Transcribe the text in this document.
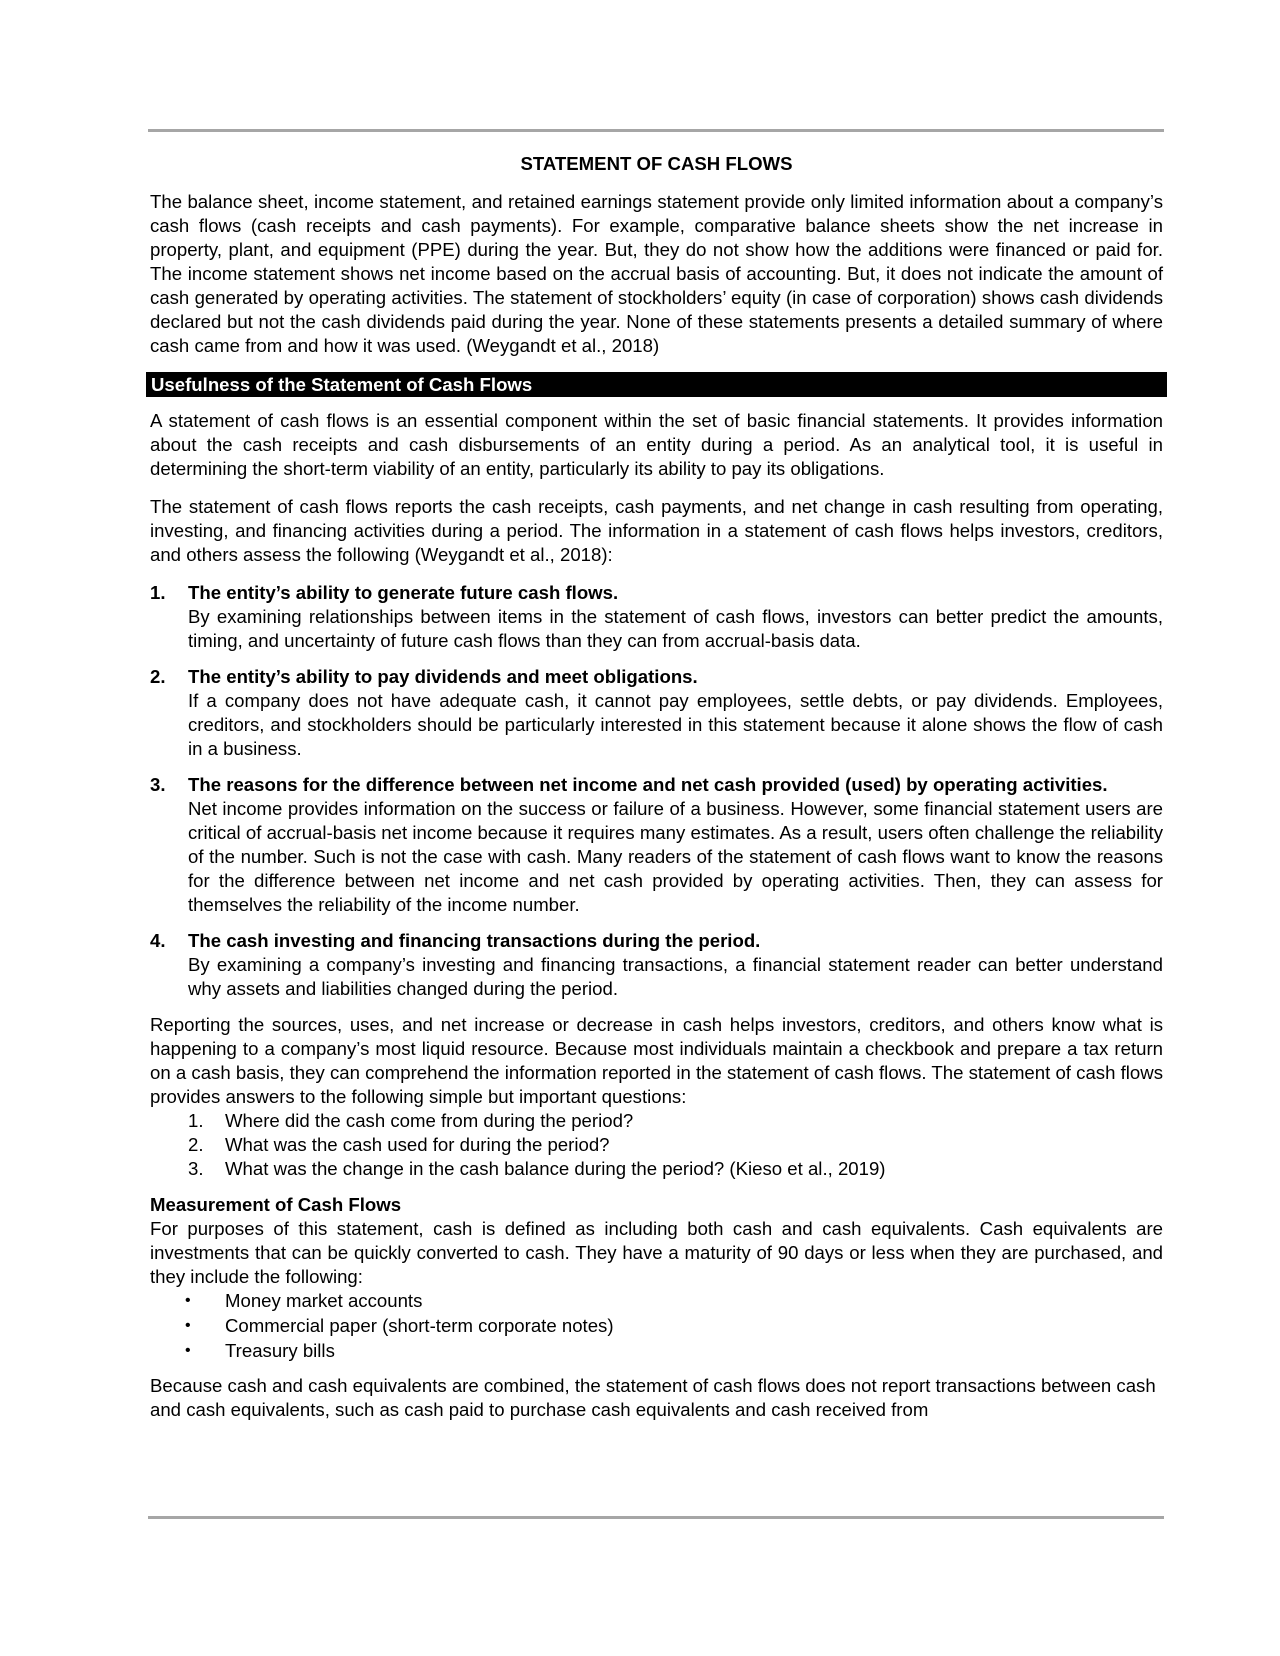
STATEMENT OF CASH FLOWS

The balance sheet, income statement, and retained earnings statement provide only limited information about a company’s cash flows (cash receipts and cash payments). For example, comparative balance sheets show the net increase in property, plant, and equipment (PPE) during the year. But, they do not show how the additions were financed or paid for. The income statement shows net income based on the accrual basis of accounting. But, it does not indicate the amount of cash generated by operating activities. The statement of stockholders’ equity (in case of corporation) shows cash dividends declared but not the cash dividends paid during the year. None of these statements presents a detailed summary of where cash came from and how it was used. (Weygandt et al., 2018)

Usefulness of the Statement of Cash Flows

A statement of cash flows is an essential component within the set of basic financial statements. It provides information about the cash receipts and cash disbursements of an entity during a period. As an analytical tool, it is useful in determining the short-term viability of an entity, particularly its ability to pay its obligations.

The statement of cash flows reports the cash receipts, cash payments, and net change in cash resulting from operating, investing, and financing activities during a period. The information in a statement of cash flows helps investors, creditors, and others assess the following (Weygandt et al., 2018):

1. The entity’s ability to generate future cash flows.

By examining relationships between items in the statement of cash flows, investors can better predict the amounts, timing, and uncertainty of future cash flows than they can from accrual-basis data.

2. The entity’s ability to pay dividends and meet obligations.

If a company does not have adequate cash, it cannot pay employees, settle debts, or pay dividends. Employees, creditors, and stockholders should be particularly interested in this statement because it alone shows the flow of cash in a business.

3. The reasons for the difference between net income and net cash provided (used) by operating activities.

Net income provides information on the success or failure of a business. However, some financial statement users are critical of accrual-basis net income because it requires many estimates. As a result, users often challenge the reliability of the number. Such is not the case with cash. Many readers of the statement of cash flows want to know the reasons for the difference between net income and net cash provided by operating activities. Then, they can assess for themselves the reliability of the income number.

4. The cash investing and financing transactions during the period.

By examining a company’s investing and financing transactions, a financial statement reader can better understand why assets and liabilities changed during the period.

Reporting the sources, uses, and net increase or decrease in cash helps investors, creditors, and others know what is happening to a company’s most liquid resource. Because most individuals maintain a checkbook and prepare a tax return on a cash basis, they can comprehend the information reported in the statement of cash flows. The statement of cash flows provides answers to the following simple but important questions:

1. Where did the cash come from during the period?
2. What was the cash used for during the period?
3. What was the change in the cash balance during the period? (Kieso et al., 2019)
Measurement of Cash Flows

For purposes of this statement, cash is defined as including both cash and cash equivalents. Cash equivalents are investments that can be quickly converted to cash. They have a maturity of 90 days or less when they are purchased, and they include the following:

• Money market accounts
• Commercial paper (short-term corporate notes)
• Treasury bills

Because cash and cash equivalents are combined, the statement of cash flows does not report transactions between cash and cash equivalents, such as cash paid to purchase cash equivalents and cash received from
